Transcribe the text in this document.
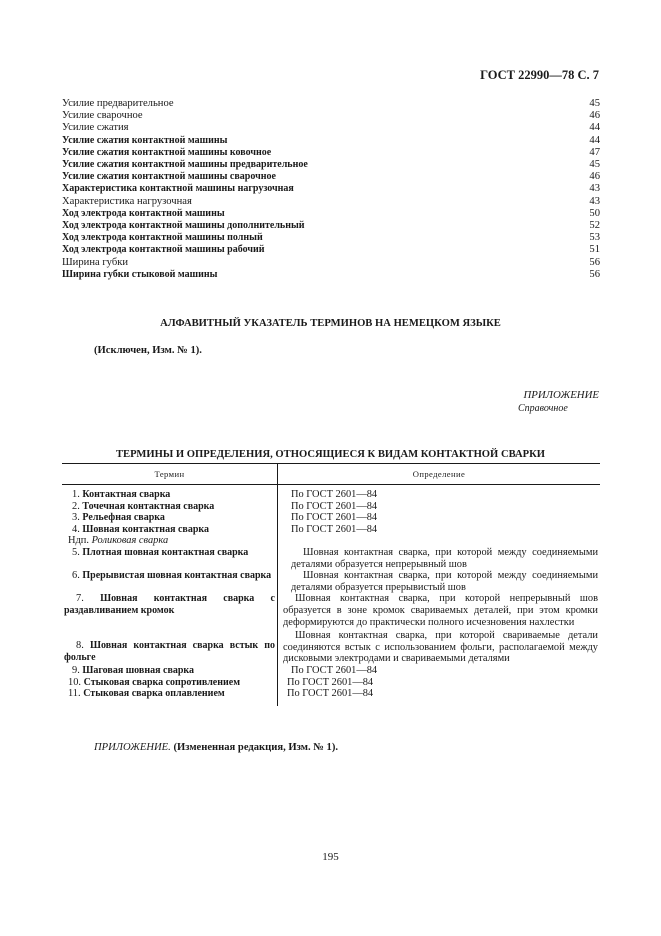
ГОСТ 22990—78 С. 7
Усилие предварительное	45
Усилие сварочное	46
Усилие сжатия	44
Усилие сжатия контактной машины	44
Усилие сжатия контактной машины ковочное	47
Усилие сжатия контактной машины предварительное	45
Усилие сжатия контактной машины сварочное	46
Характеристика контактной машины нагрузочная	43
Характеристика нагрузочная	43
Ход электрода контактной машины	50
Ход электрода контактной машины дополнительный	52
Ход электрода контактной машины полный	53
Ход электрода контактной машины рабочий	51
Ширина губки	56
Ширина губки стыковой машины	56
АЛФАВИТНЫЙ УКАЗАТЕЛЬ ТЕРМИНОВ НА НЕМЕЦКОМ ЯЗЫКЕ
(Исключен, Изм. № 1).
ПРИЛОЖЕНИЕ
Справочное
ТЕРМИНЫ И ОПРЕДЕЛЕНИЯ, ОТНОСЯЩИЕСЯ К ВИДАМ КОНТАКТНОЙ СВАРКИ
Термин	Определение
1. Контактная сварка	По ГОСТ 2601—84
2. Точечная контактная сварка	По ГОСТ 2601—84
3. Рельефная сварка	По ГОСТ 2601—84
4. Шовная контактная сварка	По ГОСТ 2601—84
Ндп. Роликовая сварка
5. Плотная шовная контактная сварка	Шовная контактная сварка, при которой между соединяемыми деталями образуется непрерывный шов
6. Прерывистая шовная контактная сварка	Шовная контактная сварка, при которой между соединяемыми деталями образуется прерывистый шов
7. Шовная контактная сварка с раздавливанием кромок
Шовная контактная сварка, при которой непрерывный шов образуется в зоне кромок свариваемых деталей, при этом кромки деформируются до практически полного исчезновения нахлестки
8. Шовная контактная сварка встык по фольге
Шовная контактная сварка, при которой свариваемые детали соединяются встык с использованием фольги, располагаемой между дисковыми электродами и свариваемыми деталями
9. Шаговая шовная сварка	По ГОСТ 2601—84
10. Стыковая сварка сопротивлением	По ГОСТ 2601—84
11. Стыковая сварка оплавлением	По ГОСТ 2601—84
ПРИЛОЖЕНИЕ. (Измененная редакция, Изм. № 1).
195
